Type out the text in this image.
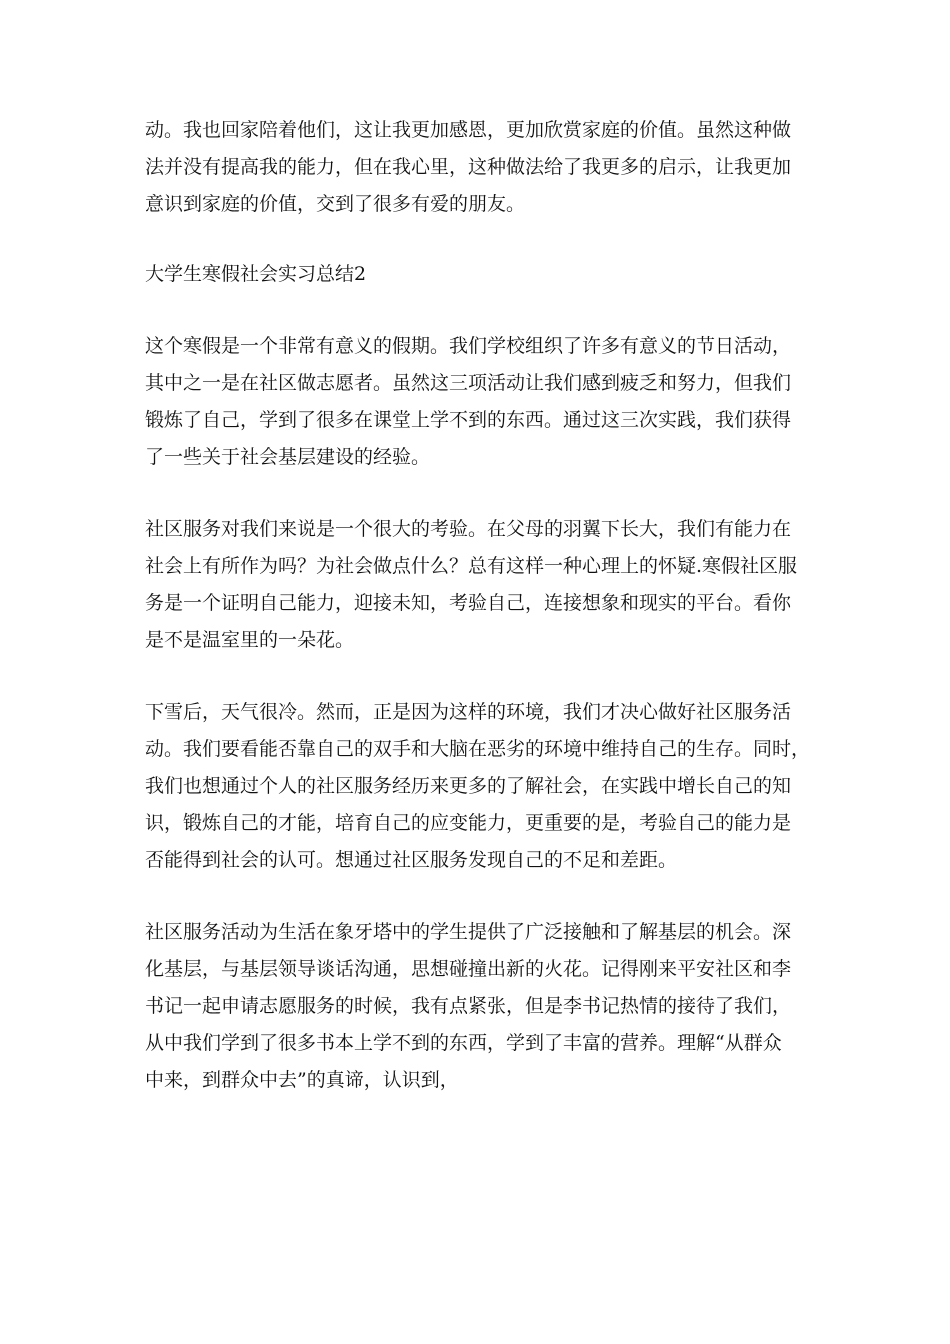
动。我也回家陪着他们，这让我更加感恩，更加欣赏家庭的价值。虽然这种做
法并没有提高我的能力，但在我心里，这种做法给了我更多的启示，让我更加
意识到家庭的价值，交到了很多有爱的朋友。
大学生寒假社会实习总结2
这个寒假是一个非常有意义的假期。我们学校组织了许多有意义的节日活动，
其中之一是在社区做志愿者。虽然这三项活动让我们感到疲乏和努力，但我们
锻炼了自己，学到了很多在课堂上学不到的东西。通过这三次实践，我们获得
了一些关于社会基层建设的经验。
社区服务对我们来说是一个很大的考验。在父母的羽翼下长大，我们有能力在
社会上有所作为吗？为社会做点什么？总有这样一种心理上的怀疑.寒假社区服
务是一个证明自己能力，迎接未知，考验自己，连接想象和现实的平台。看你
是不是温室里的一朵花。
下雪后，天气很冷。然而，正是因为这样的环境，我们才决心做好社区服务活
动。我们要看能否靠自己的双手和大脑在恶劣的环境中维持自己的生存。同时，
我们也想通过个人的社区服务经历来更多的了解社会，在实践中增长自己的知
识，锻炼自己的才能，培育自己的应变能力，更重要的是，考验自己的能力是
否能得到社会的认可。想通过社区服务发现自己的不足和差距。
社区服务活动为生活在象牙塔中的学生提供了广泛接触和了解基层的机会。深
化基层，与基层领导谈话沟通，思想碰撞出新的火花。记得刚来平安社区和李
书记一起申请志愿服务的时候，我有点紧张，但是李书记热情的接待了我们，
从中我们学到了很多书本上学不到的东西，学到了丰富的营养。理解“从群众
中来，到群众中去”的真谛，认识到，
